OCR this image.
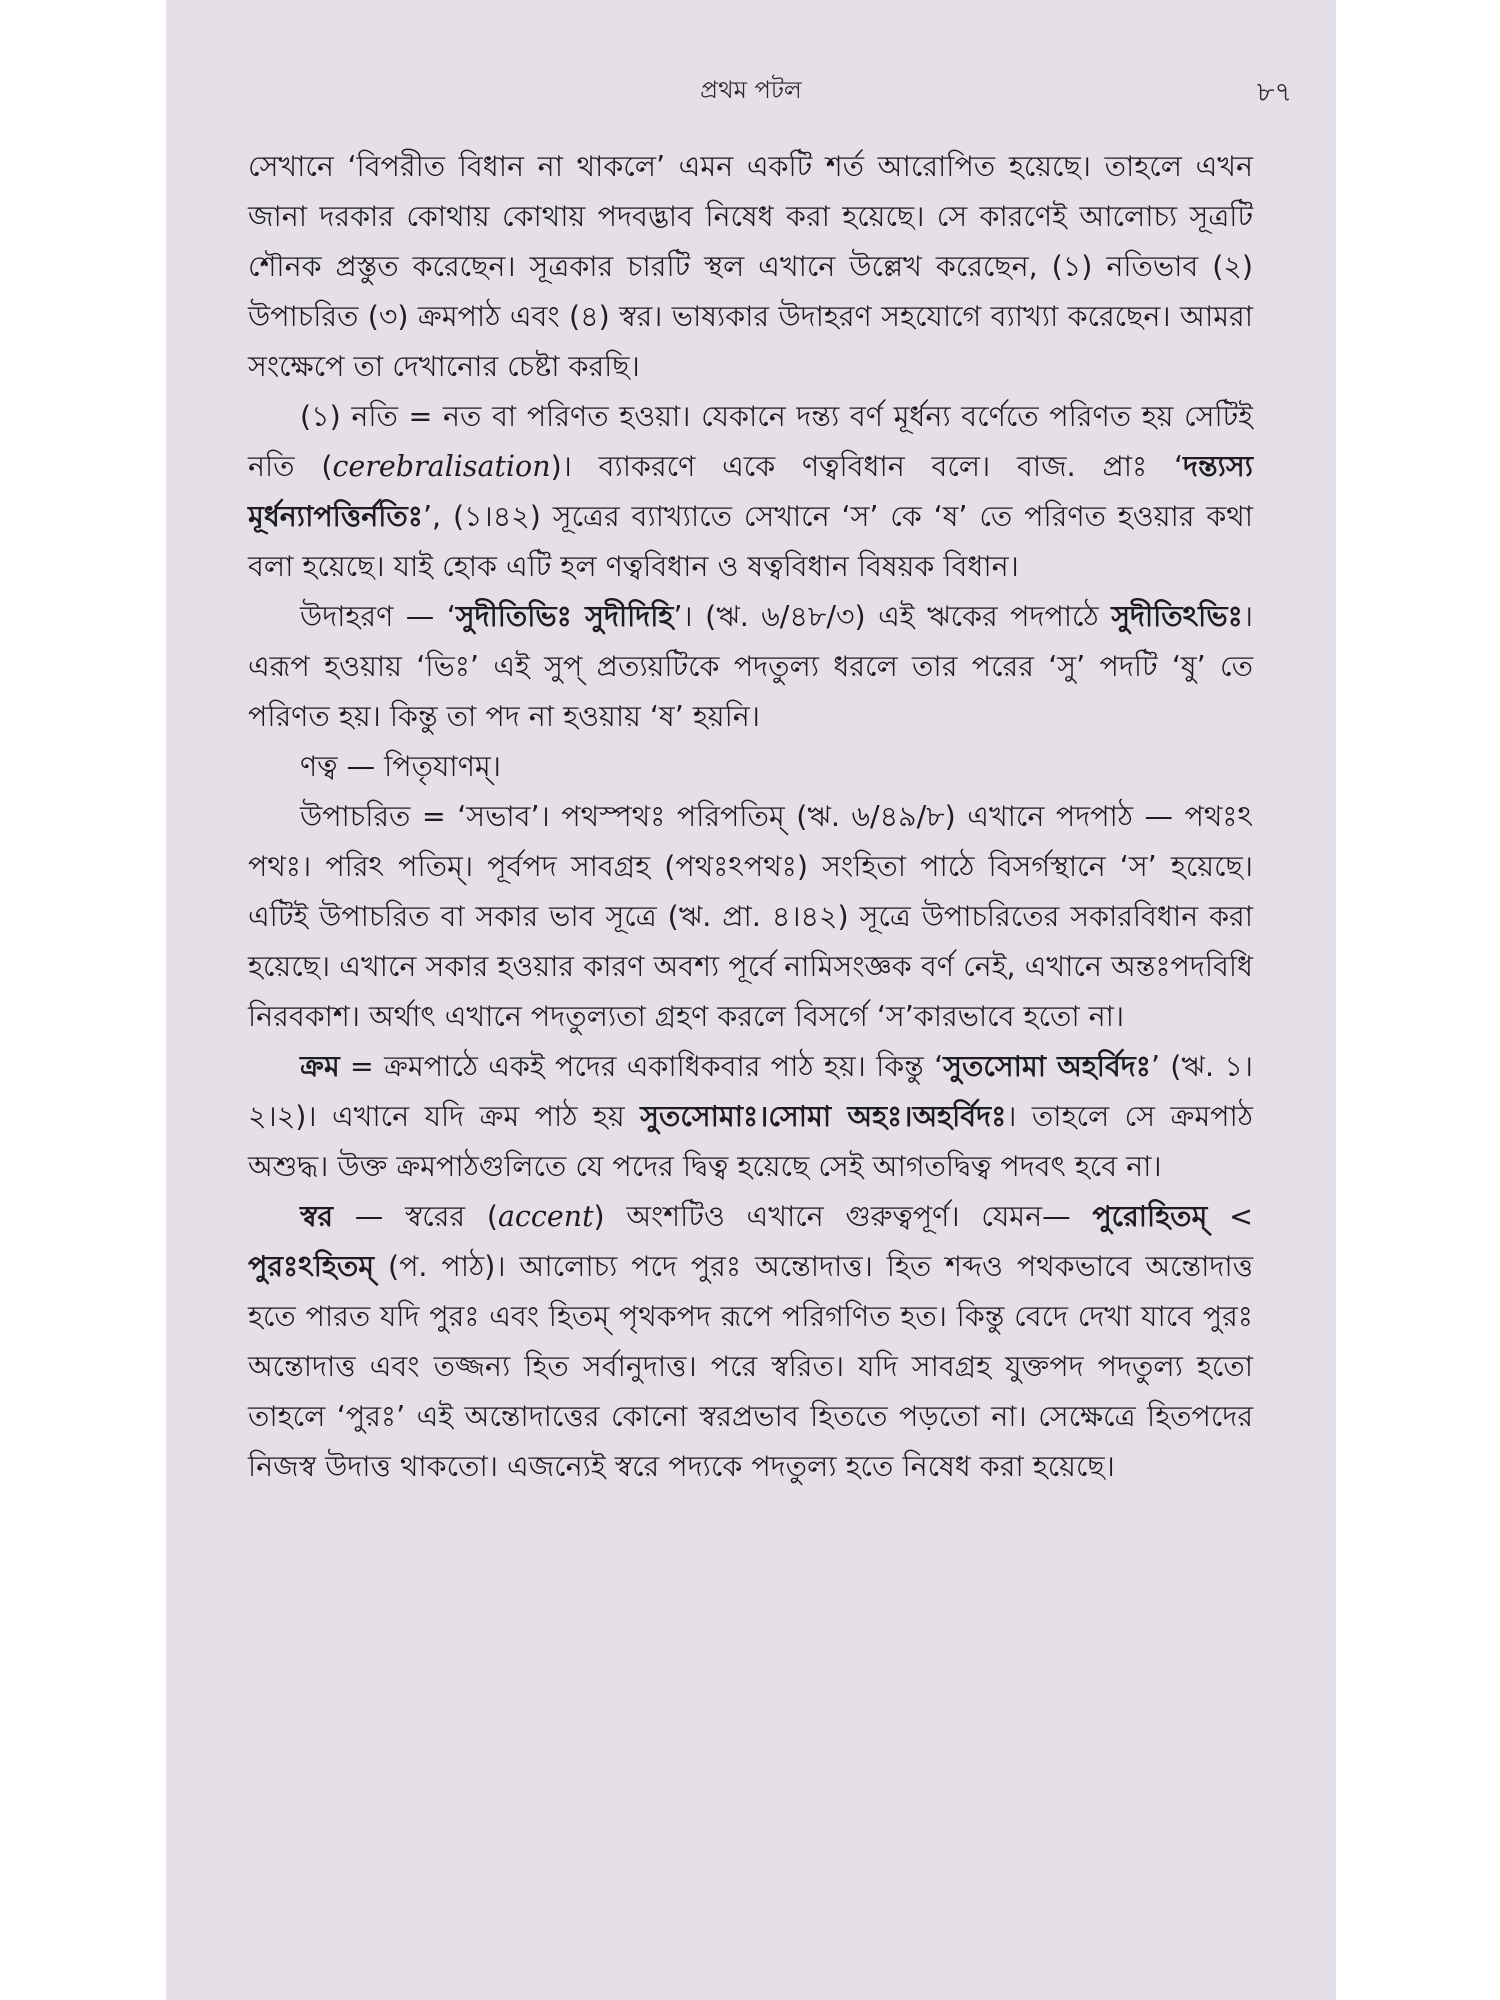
প্রথম পটল	৮৭

সেখানে ‘বিপরীত বিধান না থাকলে’ এমন একটি শর্ত আরোপিত হয়েছে। তাহলে এখন জানা দরকার কোথায় কোথায় পদবদ্ভাব নিষেধ করা হয়েছে। সে কারণেই আলোচ্য সূত্রটি শৌনক প্রস্তুত করেছেন। সূত্রকার চারটি স্থল এখানে উল্লেখ করেছেন, (১) নতিভাব (২) উপাচরিত (৩) ক্রমপাঠ এবং (৪) স্বর। ভাষ্যকার উদাহরণ সহযোগে ব্যাখ্যা করেছেন। আমরা সংক্ষেপে তা দেখানোর চেষ্টা করছি।

(১) নতি = নত বা পরিণত হওয়া। যেকানে দন্ত্য বর্ণ মূর্ধন্য বর্ণেতে পরিণত হয় সেটিই নতি (cerebralisation)। ব্যাকরণে একে ণত্ববিধান বলে। বাজ. প্রাঃ ‘দন্ত্যস্য মূর্ধন্যাপত্তির্নতিঃ’, (১।৪২) সূত্রের ব্যাখ্যাতে সেখানে ‘স’ কে ‘ষ’ তে পরিণত হওয়ার কথা বলা হয়েছে। যাই হোক এটি হল ণত্ববিধান ও ষত্ববিধান বিষয়ক বিধান।

উদাহরণ — ‘সুদীতিভিঃ সুদীদিহি’। (ঋ. ৬/৪৮/৩) এই ঋকের পদপাঠে সুদীতিঽভিঃ। এরূপ হওয়ায় ‘ভিঃ’ এই সুপ্ প্রত্যয়টিকে পদতুল্য ধরলে তার পরের ‘সু’ পদটি ‘ষু’ তে পরিণত হয়। কিন্তু তা পদ না হওয়ায় ‘ষ’ হয়নি।

ণত্ব — পিতৃযাণম্।

উপাচরিত = ‘সভাব’। পথস্পথঃ পরিপতিম্ (ঋ. ৬/৪৯/৮) এখানে পদপাঠ — পথঃঽ পথঃ। পরিঽ পতিম্। পূর্বপদ সাবগ্রহ (পথঃঽপথঃ) সংহিতা পাঠে বিসর্গস্থানে ‘স’ হয়েছে। এটিই উপাচরিত বা সকার ভাব সূত্রে (ঋ. প্রা. ৪।৪২) সূত্রে উপাচরিতের সকারবিধান করা হয়েছে। এখানে সকার হওয়ার কারণ অবশ্য পূর্বে নামিসংজ্ঞক বর্ণ নেই, এখানে অন্তঃপদবিধি নিরবকাশ। অর্থাৎ এখানে পদতুল্যতা গ্রহণ করলে বিসর্গে ‘স’কারভাবে হতো না।

ক্রম = ক্রমপাঠে একই পদের একাধিকবার পাঠ হয়। কিন্তু ‘সুতসোমা অহর্বিদঃ’ (ঋ. ১।২।২)। এখানে যদি ক্রম পাঠ হয় সুতসোমাঃ।সোমা অহঃ।অহর্বিদঃ। তাহলে সে ক্রমপাঠ অশুদ্ধ। উক্ত ক্রমপাঠগুলিতে যে পদের দ্বিত্ব হয়েছে সেই আগতদ্বিত্ব পদবৎ হবে না।

স্বর — স্বরের (accent) অংশটিও এখানে গুরুত্বপূর্ণ। যেমন— পুরোহিতম্ < পুরঃঽহিতম্ (প. পাঠ)। আলোচ্য পদে পুরঃ অন্তোদাত্ত। হিত শব্দও পথকভাবে অন্তোদাত্ত হতে পারত যদি পুরঃ এবং হিতম্ পৃথকপদ রূপে পরিগণিত হত। কিন্তু বেদে দেখা যাবে পুরঃ অন্তোদাত্ত এবং তজ্জন্য হিত সর্বানুদাত্ত। পরে স্বরিত। যদি সাবগ্রহ যুক্তপদ পদতুল্য হতো তাহলে ‘পুরঃ’ এই অন্তোদাত্তের কোনো স্বরপ্রভাব হিততে পড়তো না। সেক্ষেত্রে হিতপদের নিজস্ব উদাত্ত থাকতো। এজন্যেই স্বরে পদ্যকে পদতুল্য হতে নিষেধ করা হয়েছে।
